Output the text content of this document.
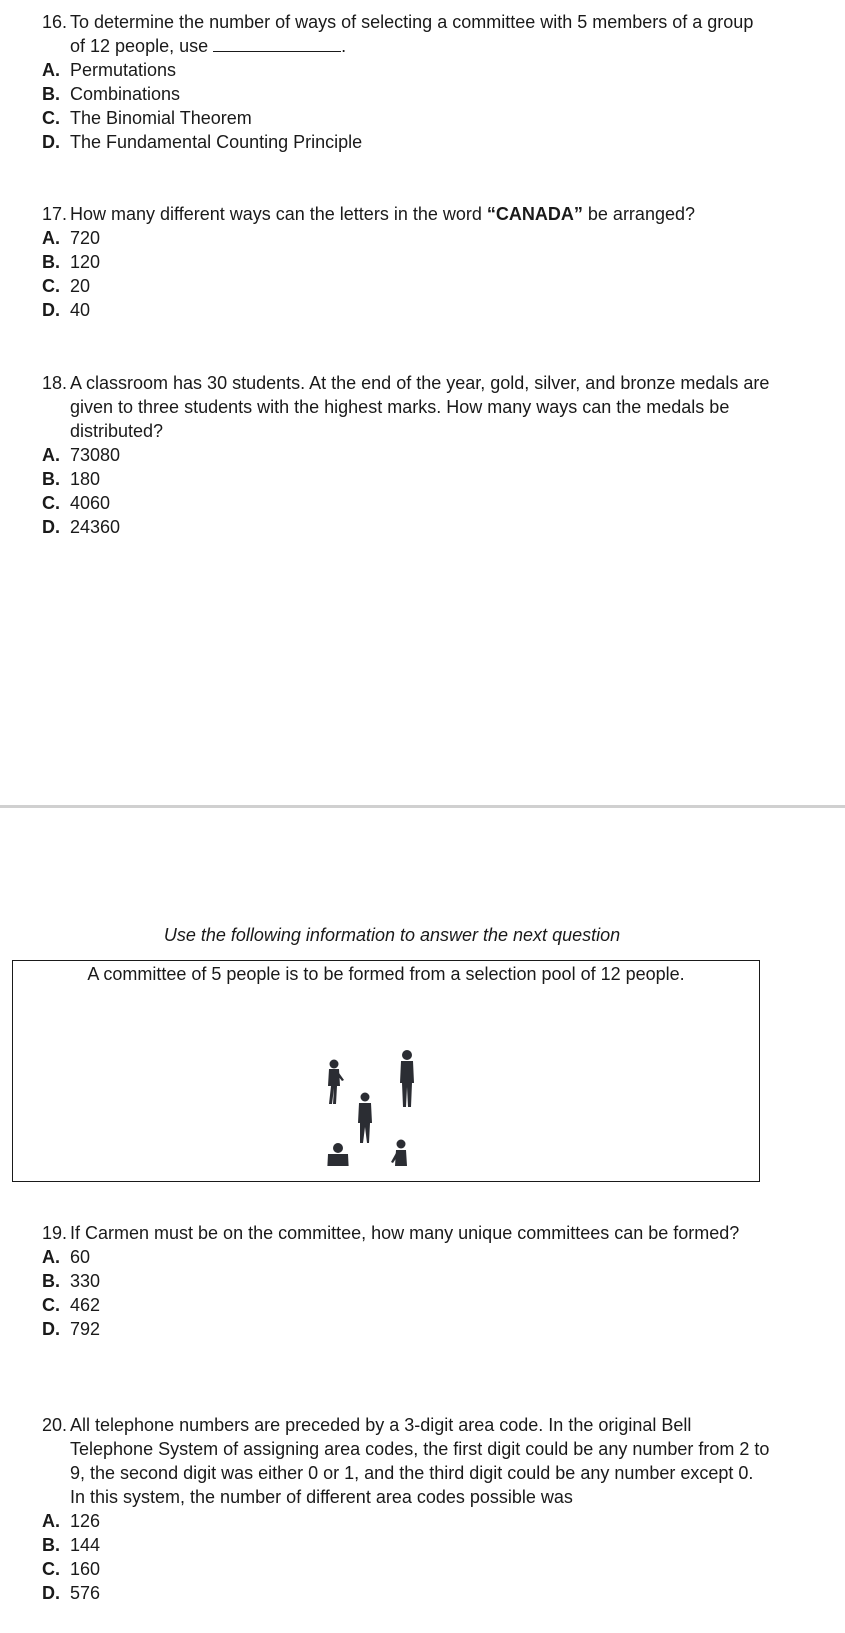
16. To determine the number of ways of selecting a committee with 5 members of a group of 12 people, use	.
A. Permutations
B. Combinations
C. The Binomial Theorem
D. The Fundamental Counting Principle
17. How many different ways can the letters in the word “CANADA” be arranged?
A. 720
B. 120
C. 20
D. 40
18. A classroom has 30 students. At the end of the year, gold, silver, and bronze medals are given to three students with the highest marks. How many ways can the medals be distributed?
A. 73080
B. 180
C. 4060
D. 24360
Use the following information to answer the next question
A committee of 5 people is to be formed from a selection pool of 12 people.
19. If Carmen must be on the committee, how many unique committees can be formed?
A. 60
B. 330
C. 462
D. 792
20. All telephone numbers are preceded by a 3-digit area code. In the original Bell Telephone System of assigning area codes, the first digit could be any number from 2 to 9, the second digit was either 0 or 1, and the third digit could be any number except 0. In this system, the number of different area codes possible was
A. 126
B. 144
C. 160
D. 576
